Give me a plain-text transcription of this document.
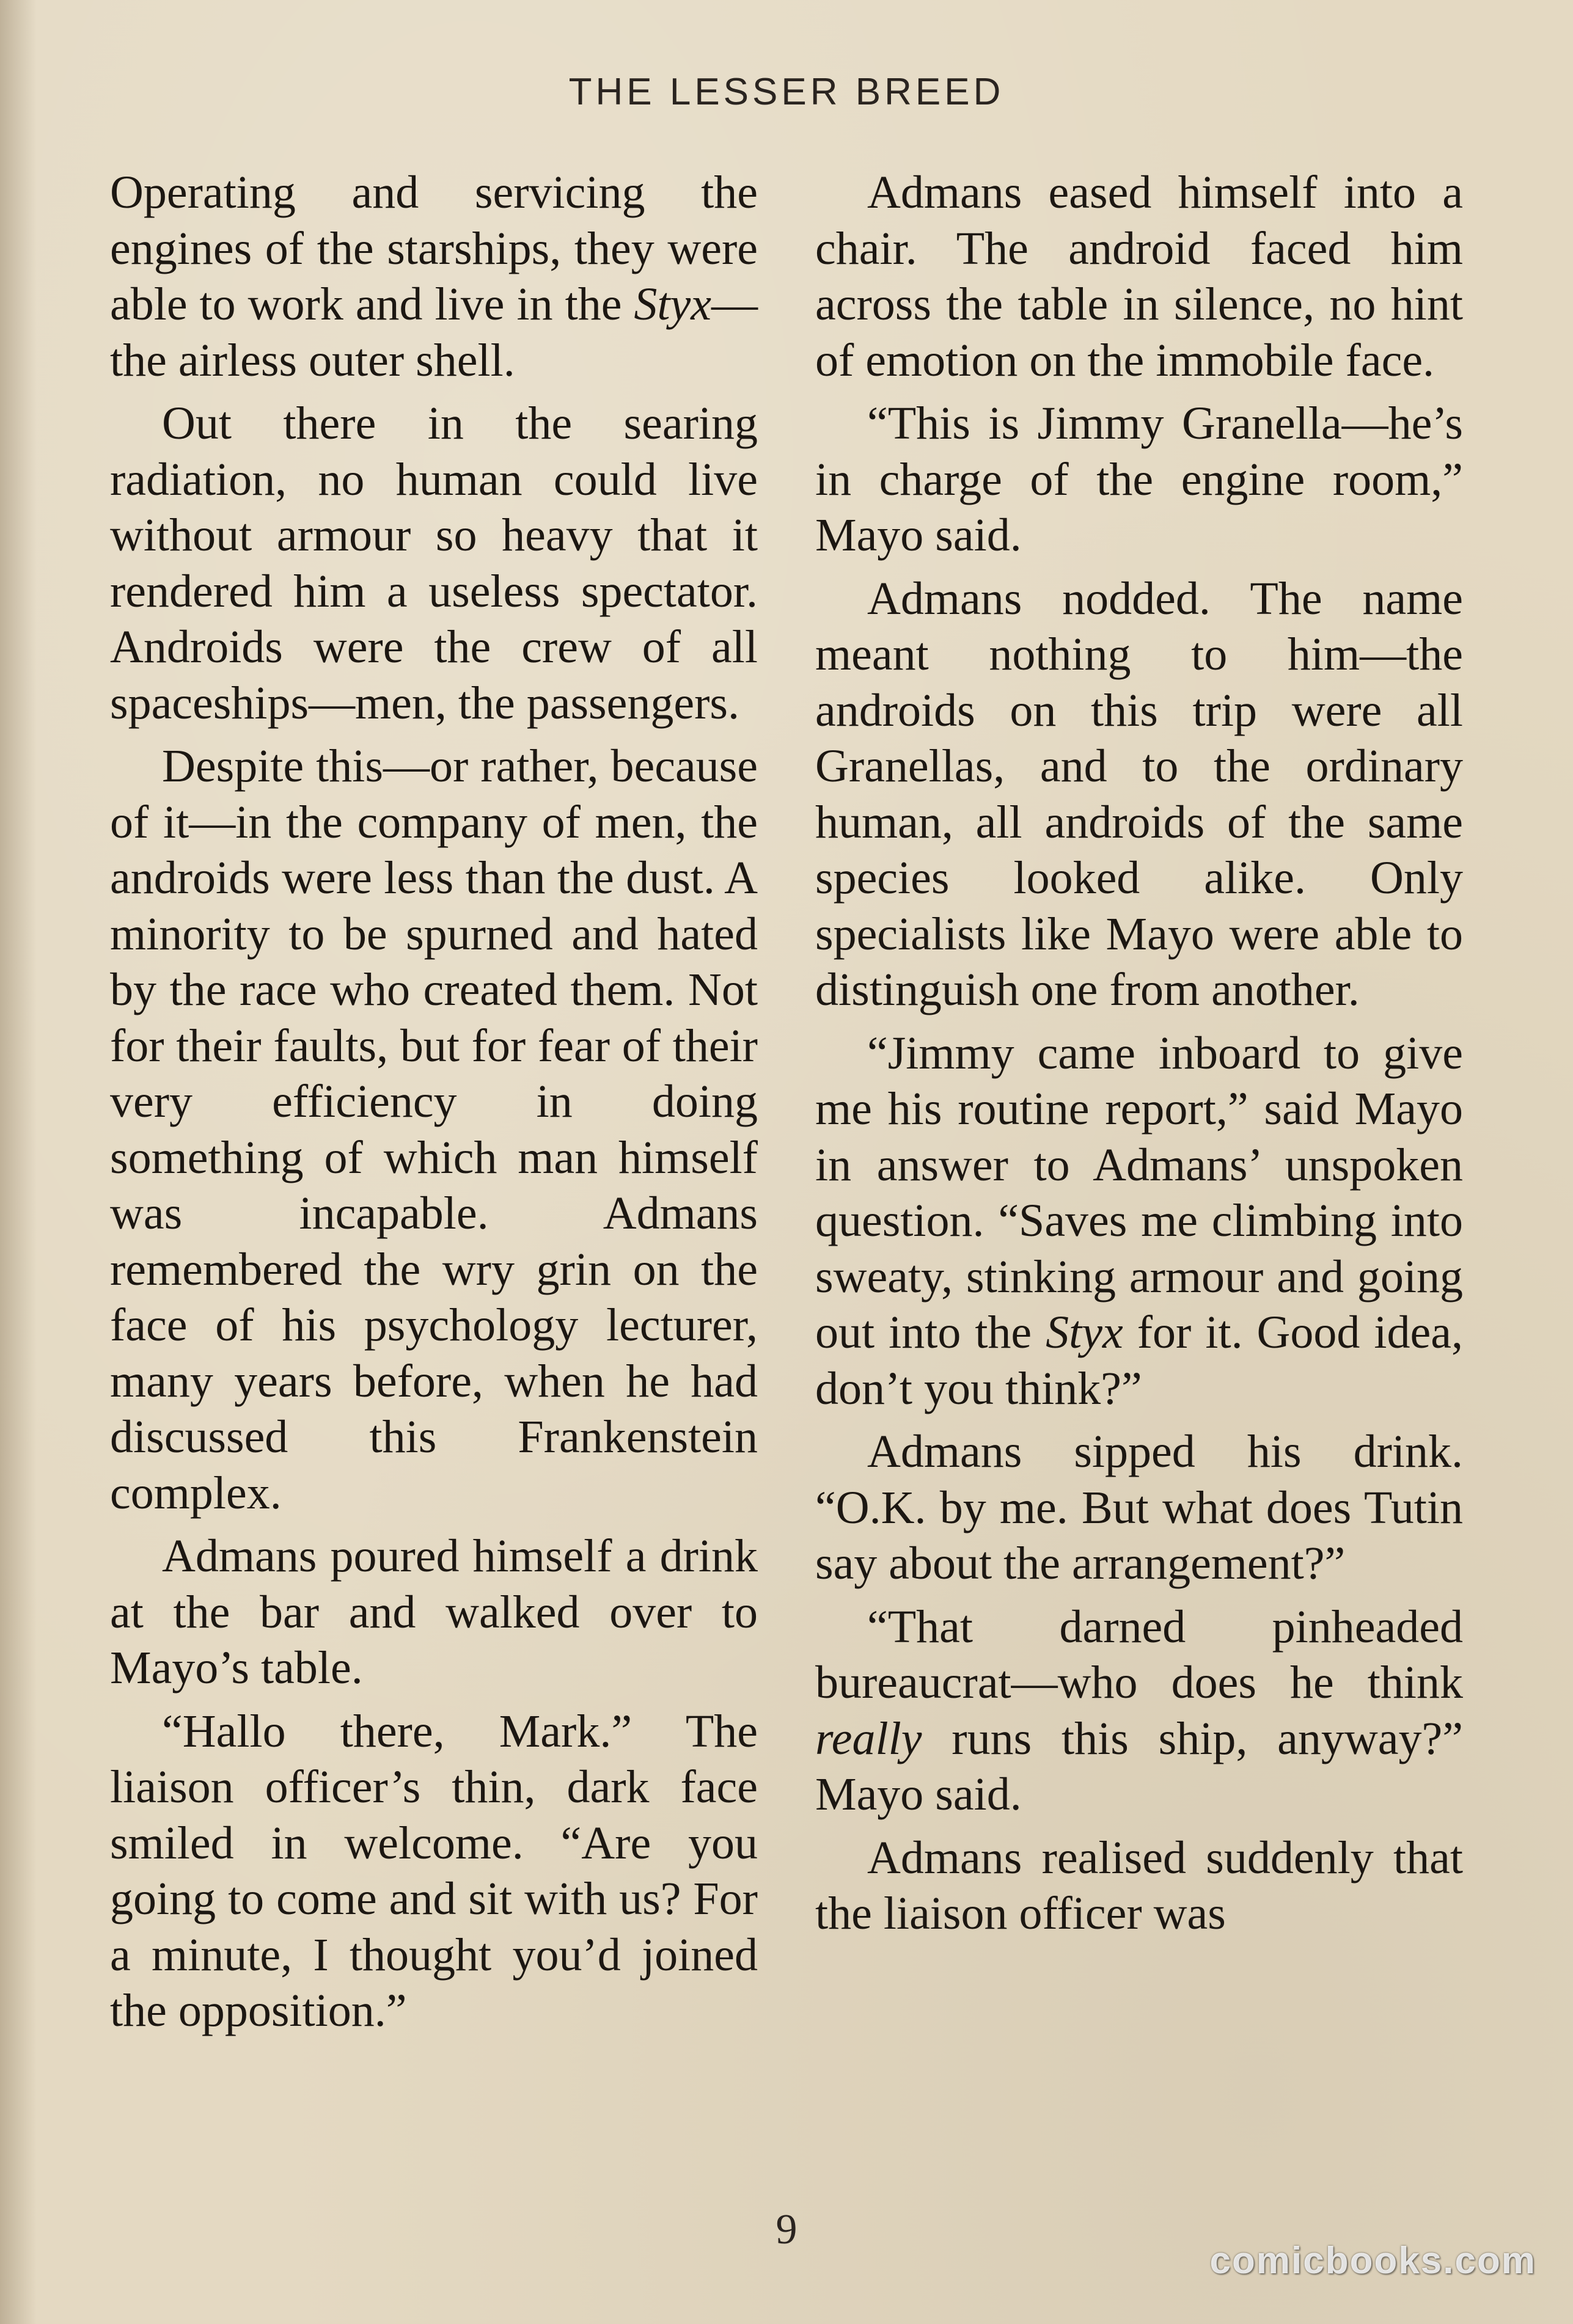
THE LESSER BREED

Operating and servicing the engines of the starships, they were able to work and live in the Styx—the airless outer shell.

Out there in the searing radiation, no human could live without armour so heavy that it rendered him a useless spectator. Androids were the crew of all spaceships—men, the passengers.

Despite this—or rather, because of it—in the company of men, the androids were less than the dust. A minority to be spurned and hated by the race who created them. Not for their faults, but for fear of their very efficiency in doing something of which man himself was incapable. Admans remembered the wry grin on the face of his psychology lecturer, many years before, when he had discussed this Frankenstein complex.

Admans poured himself a drink at the bar and walked over to Mayo’s table.

“Hallo there, Mark.” The liaison officer’s thin, dark face smiled in welcome. “Are you going to come and sit with us? For a minute, I thought you’d joined the opposition.”

Admans eased himself into a chair. The android faced him across the table in silence, no hint of emotion on the immobile face.

“This is Jimmy Granella—he’s in charge of the engine room,” Mayo said.

Admans nodded. The name meant nothing to him—the androids on this trip were all Granellas, and to the ordinary human, all androids of the same species looked alike. Only specialists like Mayo were able to distinguish one from another.

“Jimmy came inboard to give me his routine report,” said Mayo in answer to Admans’ unspoken question. “Saves me climbing into sweaty, stinking armour and going out into the Styx for it. Good idea, don’t you think?”

Admans sipped his drink. “O.K. by me. But what does Tutin say about the arrangement?”

“That darned pinheaded bureaucrat—who does he think really runs this ship, anyway?” Mayo said.

Admans realised suddenly that the liaison officer was

9
comicbooks.com
